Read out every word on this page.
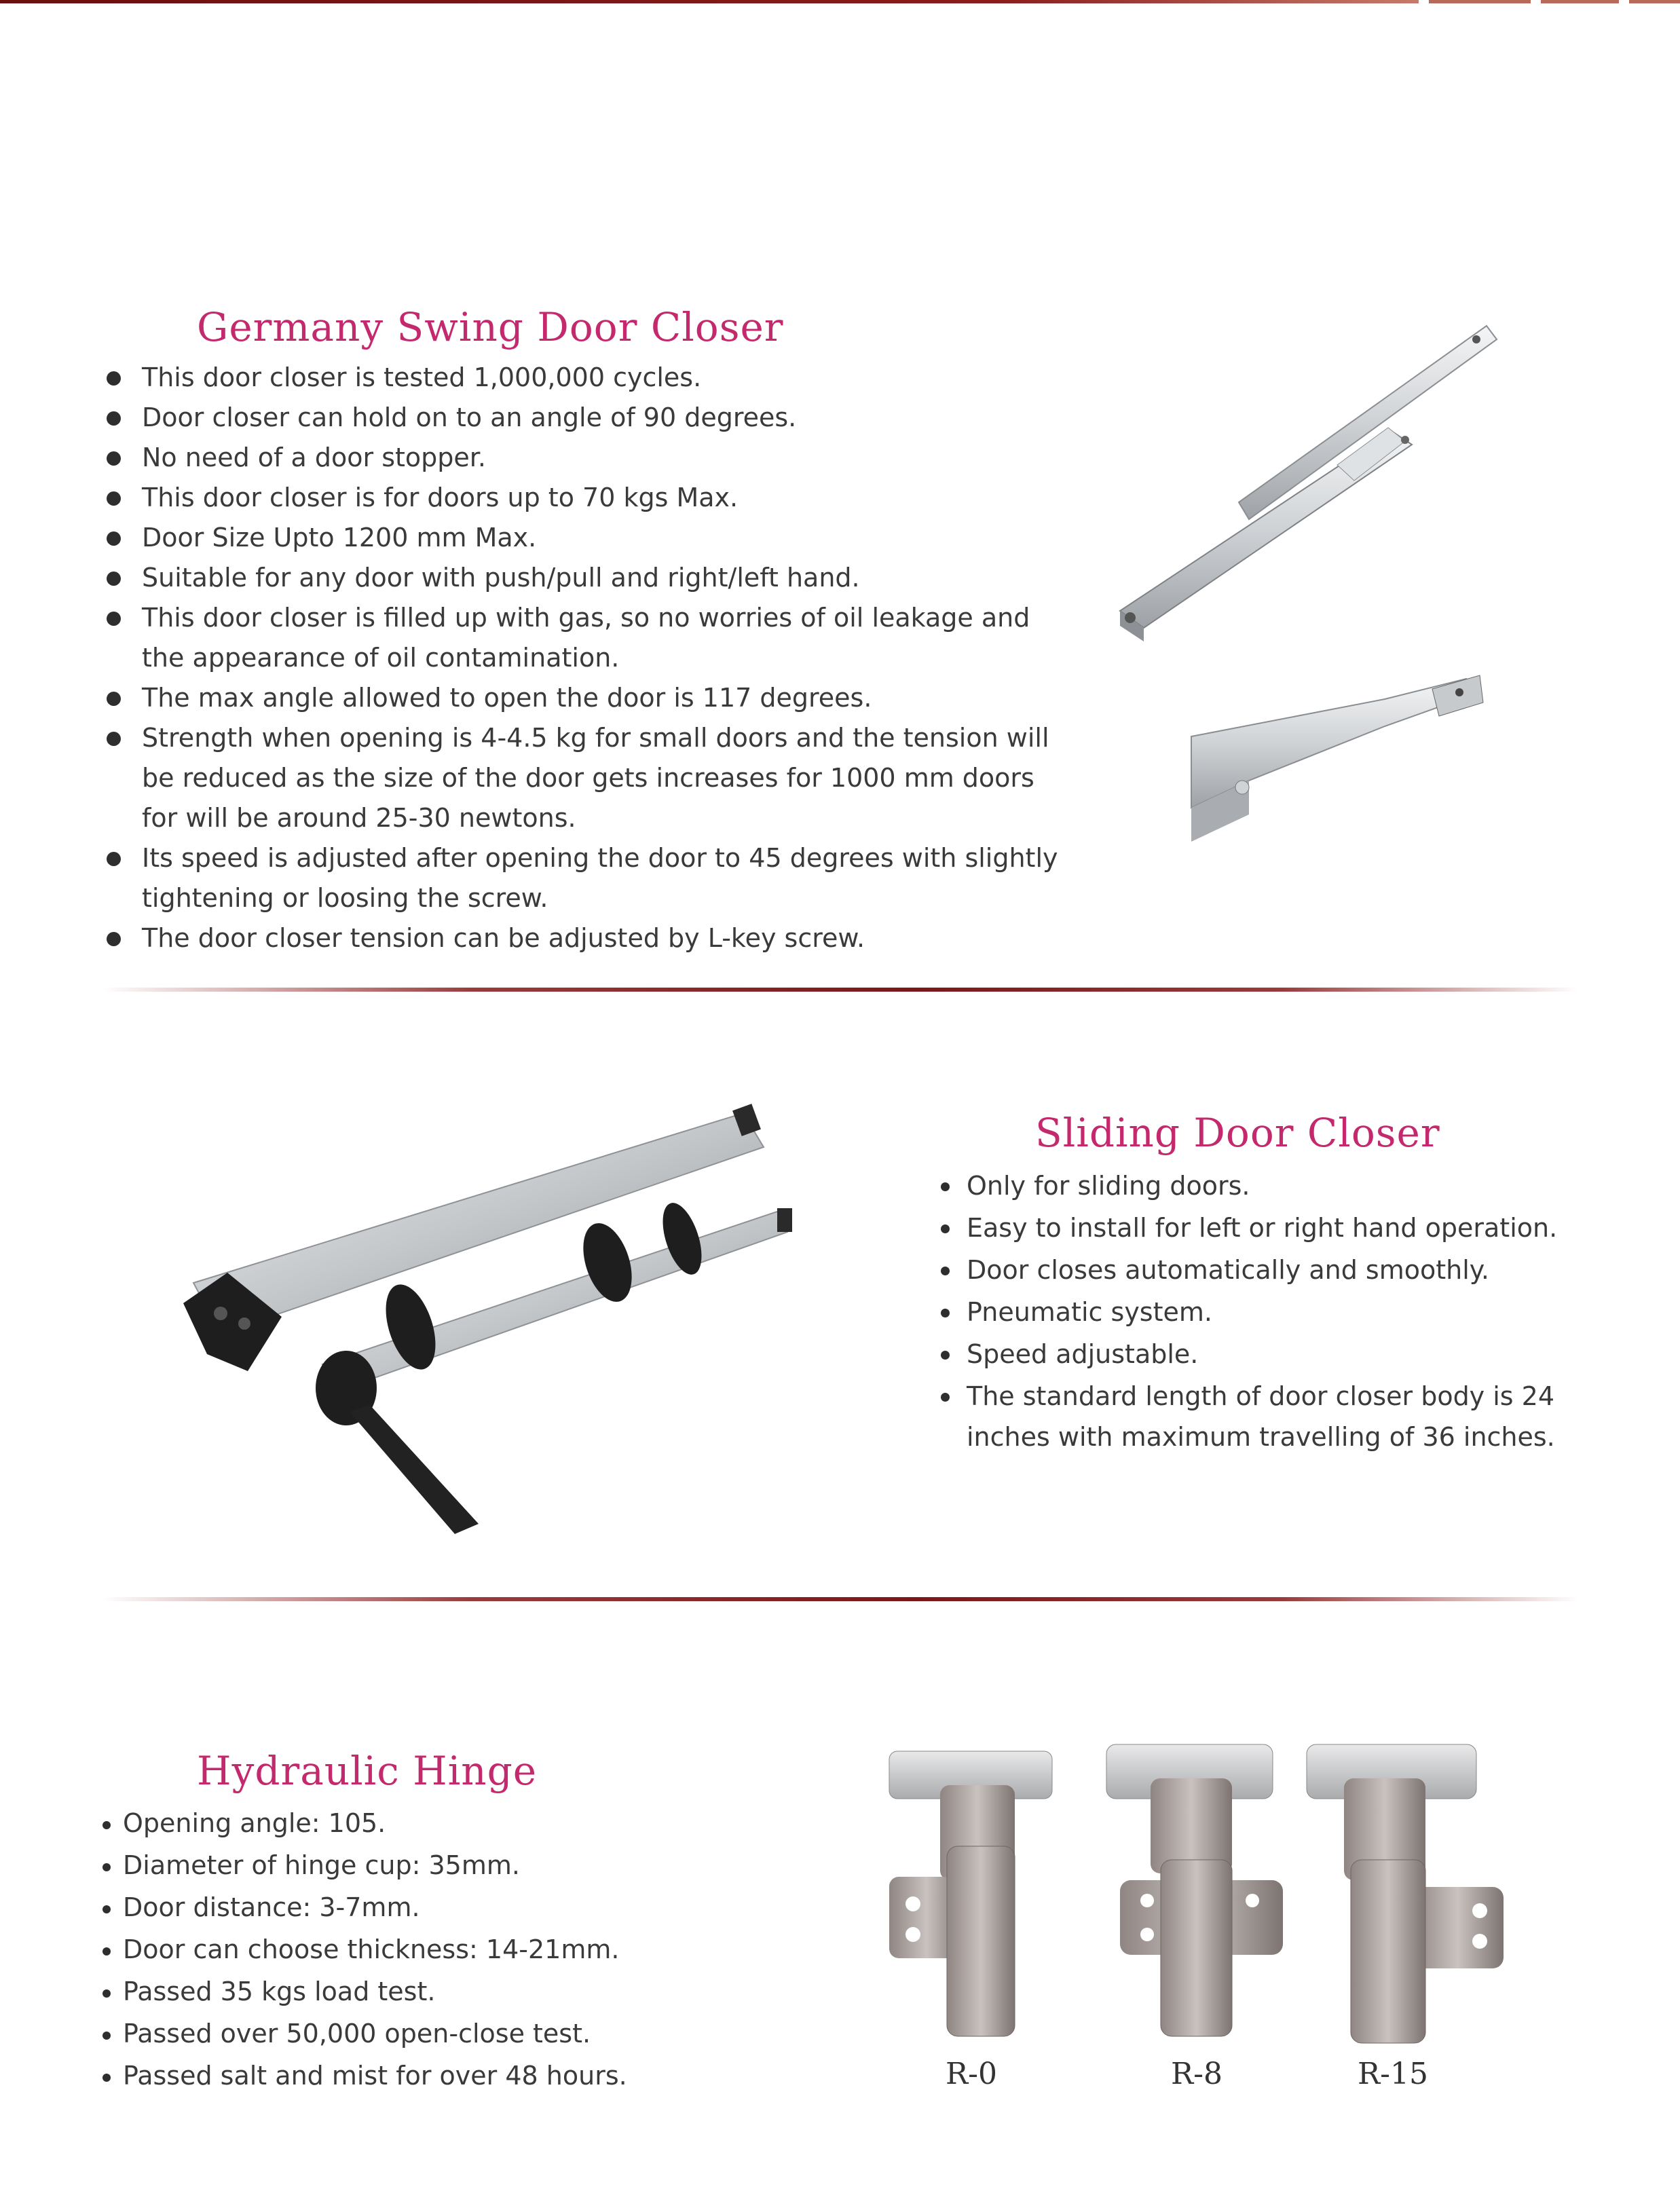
Germany Swing Door Closer
This door closer is tested 1,000,000 cycles.
Door closer can hold on to an angle of 90 degrees.
No need of a door stopper.
This door closer is for doors up to 70 kgs Max.
Door Size Upto 1200 mm Max.
Suitable for any door with push/pull and right/left hand.
This door closer is filled up with gas, so no worries of oil leakage and the appearance of oil contamination.
The max angle allowed to open the door is 117 degrees.
Strength when opening is 4-4.5 kg for small doors and the tension will be reduced as the size of the door gets increases for 1000 mm doors for will be around 25-30 newtons.
Its speed is adjusted after opening the door to 45 degrees with slightly tightening or loosing the screw.
The door closer tension can be adjusted by L-key screw.
Sliding Door Closer
Only for sliding doors.
Easy to install for left or right hand operation.
Door closes automatically and smoothly.
Pneumatic system.
Speed adjustable.
The standard length of door closer body is 24 inches with maximum travelling of 36 inches.
Hydraulic Hinge
Opening angle: 105.
Diameter of hinge cup: 35mm.
Door distance: 3-7mm.
Door can choose thickness: 14-21mm.
Passed 35 kgs load test.
Passed over 50,000 open-close test.
Passed salt and mist for over 48 hours.	R-0	R-8	R-15
